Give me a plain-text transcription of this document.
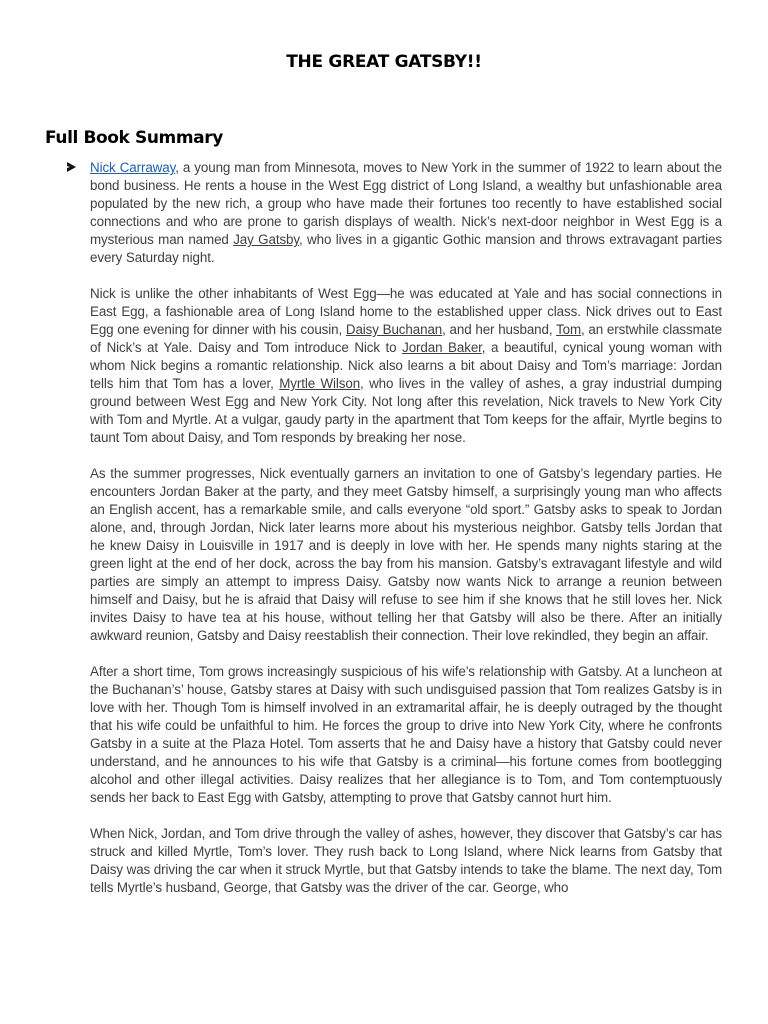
THE GREAT GATSBY!!
Full Book Summary

Nick Carraway, a young man from Minnesota, moves to New York in the summer of 1922 to learn about the bond business. He rents a house in the West Egg district of Long Island, a wealthy but unfashionable area populated by the new rich, a group who have made their fortunes too recently to have established social connections and who are prone to garish displays of wealth. Nick’s next-door neighbor in West Egg is a mysterious man named Jay Gatsby, who lives in a gigantic Gothic mansion and throws extravagant parties every Saturday night.

Nick is unlike the other inhabitants of West Egg—he was educated at Yale and has social connections in East Egg, a fashionable area of Long Island home to the established upper class. Nick drives out to East Egg one evening for dinner with his cousin, Daisy Buchanan, and her husband, Tom, an erstwhile classmate of Nick’s at Yale. Daisy and Tom introduce Nick to Jordan Baker, a beautiful, cynical young woman with whom Nick begins a romantic relationship. Nick also learns a bit about Daisy and Tom’s marriage: Jordan tells him that Tom has a lover, Myrtle Wilson, who lives in the valley of ashes, a gray industrial dumping ground between West Egg and New York City. Not long after this revelation, Nick travels to New York City with Tom and Myrtle. At a vulgar, gaudy party in the apartment that Tom keeps for the affair, Myrtle begins to taunt Tom about Daisy, and Tom responds by breaking her nose.

As the summer progresses, Nick eventually garners an invitation to one of Gatsby’s legendary parties. He encounters Jordan Baker at the party, and they meet Gatsby himself, a surprisingly young man who affects an English accent, has a remarkable smile, and calls everyone “old sport.” Gatsby asks to speak to Jordan alone, and, through Jordan, Nick later learns more about his mysterious neighbor. Gatsby tells Jordan that he knew Daisy in Louisville in 1917 and is deeply in love with her. He spends many nights staring at the green light at the end of her dock, across the bay from his mansion. Gatsby’s extravagant lifestyle and wild parties are simply an attempt to impress Daisy. Gatsby now wants Nick to arrange a reunion between himself and Daisy, but he is afraid that Daisy will refuse to see him if she knows that he still loves her. Nick invites Daisy to have tea at his house, without telling her that Gatsby will also be there. After an initially awkward reunion, Gatsby and Daisy reestablish their connection. Their love rekindled, they begin an affair.

After a short time, Tom grows increasingly suspicious of his wife’s relationship with Gatsby. At a luncheon at the Buchanan’s’ house, Gatsby stares at Daisy with such undisguised passion that Tom realizes Gatsby is in love with her. Though Tom is himself involved in an extramarital affair, he is deeply outraged by the thought that his wife could be unfaithful to him. He forces the group to drive into New York City, where he confronts Gatsby in a suite at the Plaza Hotel. Tom asserts that he and Daisy have a history that Gatsby could never understand, and he announces to his wife that Gatsby is a criminal—his fortune comes from bootlegging alcohol and other illegal activities. Daisy realizes that her allegiance is to Tom, and Tom contemptuously sends her back to East Egg with Gatsby, attempting to prove that Gatsby cannot hurt him.

When Nick, Jordan, and Tom drive through the valley of ashes, however, they discover that Gatsby’s car has struck and killed Myrtle, Tom’s lover. They rush back to Long Island, where Nick learns from Gatsby that Daisy was driving the car when it struck Myrtle, but that Gatsby intends to take the blame. The next day, Tom tells Myrtle’s husband, George, that Gatsby was the driver of the car. George, who
